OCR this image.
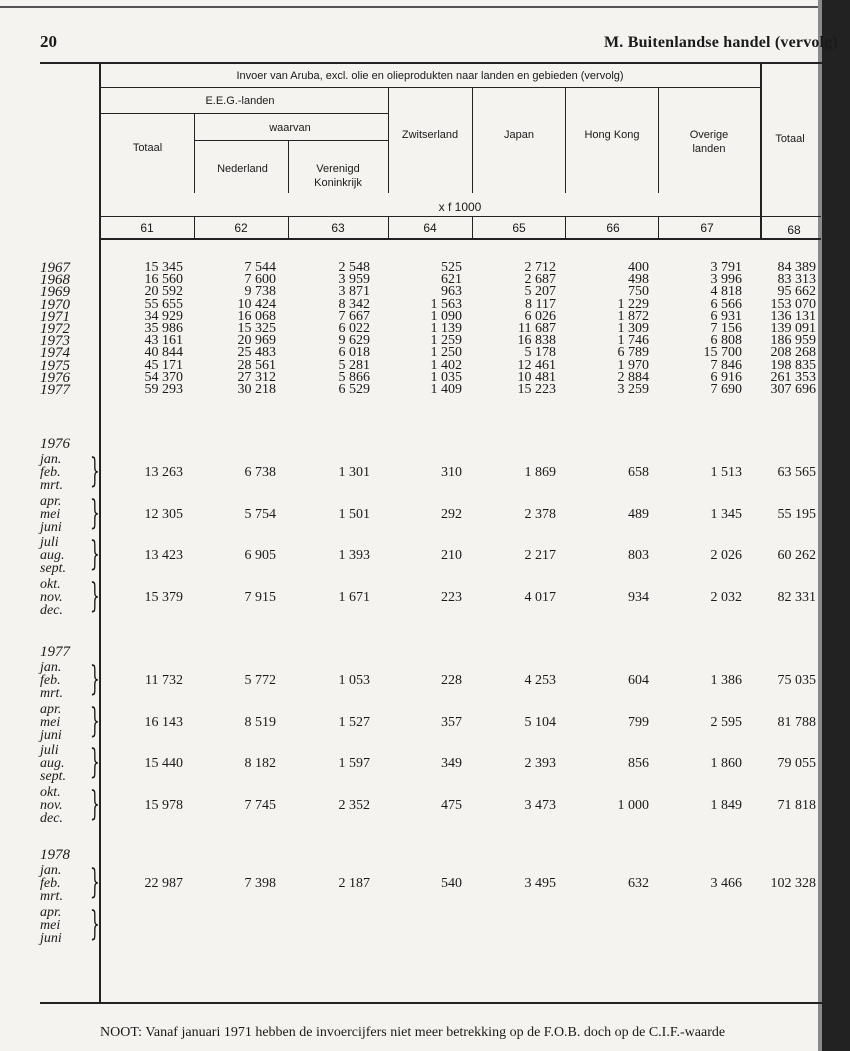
20	M. Buitenlandse handel (vervolg)
Invoer van Aruba, excl. olie en olieprodukten naar landen en gebieden (vervolg)
E.E.G.-landen
waarvan
Totaal
Nederland	Verenigd
Koninkrijk
Zwitserland	Japan	Hong Kong	Overige
landen
Totaal
x f 1000
61	62	63	64	65	66	67	68
1967	15 345	7 544	2 548	525	2 712	400	3 791	84 389
1968	16 560	7 600	3 959	621	2 687	498	3 996	83 313
1969	20 592	9 738	3 871	963	5 207	750	4 818	95 662
1970	55 655	10 424	8 342	1 563	8 117	1 229	6 566	153 070
1971	34 929	16 068	7 667	1 090	6 026	1 872	6 931	136 131
1972	35 986	15 325	6 022	1 139	11 687	1 309	7 156	139 091
1973	43 161	20 969	9 629	1 259	16 838	1 746	6 808	186 959
1974	40 844	25 483	6 018	1 250	5 178	6 789	15 700	208 268
1975	45 171	28 561	5 281	1 402	12 461	1 970	7 846	198 835
1976	54 370	27 312	5 866	1 035	10 481	2 884	6 916	261 353
1977	59 293	30 218	6 529	1 409	15 223	3 259	7 690	307 696
1976
jan.
feb.
mrt. }	13 263	6 738	1 301	310	1 869	658	1 513	63 565
apr.
mei
juni }	12 305	5 754	1 501	292	2 378	489	1 345	55 195
juli
aug.
sept. }	13 423	6 905	1 393	210	2 217	803	2 026	60 262
okt.
nov.
dec. }	15 379	7 915	1 671	223	4 017	934	2 032	82 331
1977
jan.
feb.
mrt. }	11 732	5 772	1 053	228	4 253	604	1 386	75 035
apr.
mei
juni }	16 143	8 519	1 527	357	5 104	799	2 595	81 788
juli
aug.
sept. }	15 440	8 182	1 597	349	2 393	856	1 860	79 055
okt.
nov.
dec. }	15 978	7 745	2 352	475	3 473	1 000	1 849	71 818
1978
jan.
feb.
mrt. }	22 987	7 398	2 187	540	3 495	632	3 466	102 328
apr.
mei
juni }
NOOT: Vanaf januari 1971 hebben de invoercijfers niet meer betrekking op de F.O.B. doch op de C.I.F.-waarde
